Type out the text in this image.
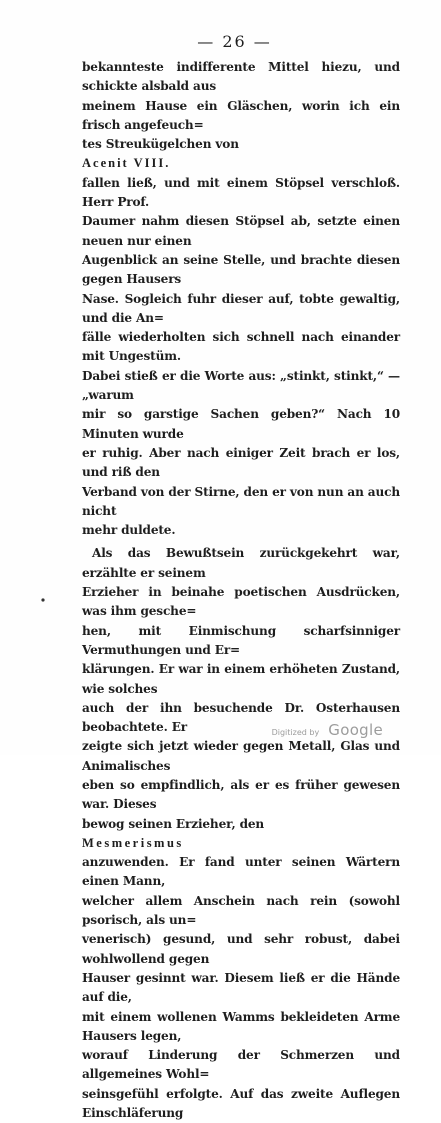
— 26 —

bekannteste indifferente Mittel hiezu, und schickte alsbald aus

meinem Hause ein Gläschen, worin ich ein frisch angefeuch=

tes Streukügelchen von

Acenit VIII.

fallen ließ, und mit einem Stöpsel verschloß. Herr Prof.

Daumer nahm diesen Stöpsel ab, setzte einen neuen nur einen

Augenblick an seine Stelle, und brachte diesen gegen Hausers

Nase. Sogleich fuhr dieser auf, tobte gewaltig, und die An=

fälle wiederholten sich schnell nach einander mit Ungestüm.

Dabei stieß er die Worte aus: „stinkt, stinkt,“ — „warum

mir so garstige Sachen geben?“ Nach 10 Minuten wurde

er ruhig. Aber nach einiger Zeit brach er los, und riß den

Verband von der Stirne, den er von nun an auch nicht

mehr duldete.

Als das Bewußtsein zurückgekehrt war, erzählte er seinem

Erzieher in beinahe poetischen Ausdrücken, was ihm gesche=

hen, mit Einmischung scharfsinniger Vermuthungen und Er=

klärungen. Er war in einem erhöheten Zustand, wie solches

auch der ihn besuchende Dr. Osterhausen beobachtete. Er

zeigte sich jetzt wieder gegen Metall, Glas und Animalisches

eben so empfindlich, als er es früher gewesen war. Dieses

bewog seinen Erzieher, den

Mesmerismus

anzuwenden. Er fand unter seinen Wärtern einen Mann,

welcher allem Anschein nach rein (sowohl psorisch, als un=

venerisch) gesund, und sehr robust, dabei wohlwollend gegen

Hauser gesinnt war. Diesem ließ er die Hände auf die,

mit einem wollenen Wamms bekleideten Arme Hausers legen,

worauf Linderung der Schmerzen und allgemeines Wohl=

seinsgefühl erfolgte. Auf das zweite Auflegen Einschläferung

Digitized by Google
